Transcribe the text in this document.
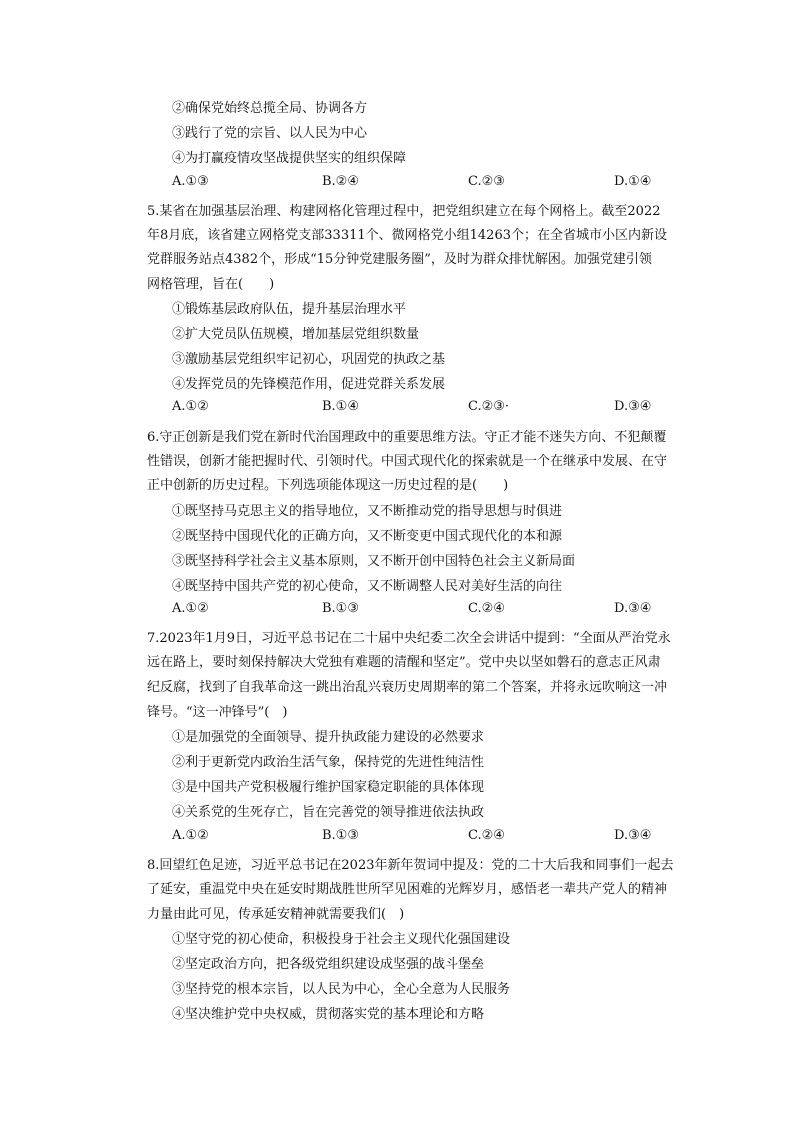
②确保党始终总揽全局、协调各方
③践行了党的宗旨、以人民为中心
④为打赢疫情攻坚战提供坚实的组织保障
A.①③	B.②④	C.②③	D.①④
5.某省在加强基层治理、构建网格化管理过程中，把党组织建立在每个网格上。截至2022
年8月底，该省建立网格党支部33311个、微网格党小组14263个；在全省城市小区内新设
党群服务站点4382个，形成“15分钟党建服务圈”，及时为群众排忧解困。加强党建引领
网格管理，旨在(　　)
①锻炼基层政府队伍，提升基层治理水平
②扩大党员队伍规模，增加基层党组织数量
③激励基层党组织牢记初心，巩固党的执政之基
④发挥党员的先锋模范作用，促进党群关系发展
A.①②	B.①④	C.②③·	D.③④
6.守正创新是我们党在新时代治国理政中的重要思维方法。守正才能不迷失方向、不犯颠覆
性错误，创新才能把握时代、引领时代。中国式现代化的探索就是一个在继承中发展、在守
正中创新的历史过程。下列选项能体现这一历史过程的是(　　)
①既坚持马克思主义的指导地位，又不断推动党的指导思想与时俱进
②既坚持中国现代化的正确方向，又不断变更中国式现代化的本和源
③既坚持科学社会主义基本原则，又不断开创中国特色社会主义新局面
④既坚持中国共产党的初心使命，又不断调整人民对美好生活的向往
A.①②	B.①③	C.②④	D.③④
7.2023年1月9日，习近平总书记在二十届中央纪委二次全会讲话中提到：“全面从严治党永
远在路上，要时刻保持解决大党独有难题的清醒和坚定”。党中央以坚如磐石的意志正风肃
纪反腐，找到了自我革命这一跳出治乱兴衰历史周期率的第二个答案，并将永远吹响这一冲
锋号。“这一冲锋号”(　)
①是加强党的全面领导、提升执政能力建设的必然要求
②利于更新党内政治生活气象，保持党的先进性纯洁性
③是中国共产党积极履行维护国家稳定职能的具体体现
④关系党的生死存亡，旨在完善党的领导推进依法执政
A.①②	B.①③	C.②④	D.③④
8.回望红色足迹，习近平总书记在2023年新年贺词中提及：党的二十大后我和同事们一起去
了延安，重温党中央在延安时期战胜世所罕见困难的光辉岁月，感悟老一辈共产党人的精神
力量由此可见，传承延安精神就需要我们(　)
①坚守党的初心使命，积极投身于社会主义现代化强国建设
②坚定政治方向，把各级党组织建设成坚强的战斗堡垒
③坚持党的根本宗旨，以人民为中心，全心全意为人民服务
④坚决维护党中央权威，贯彻落实党的基本理论和方略
